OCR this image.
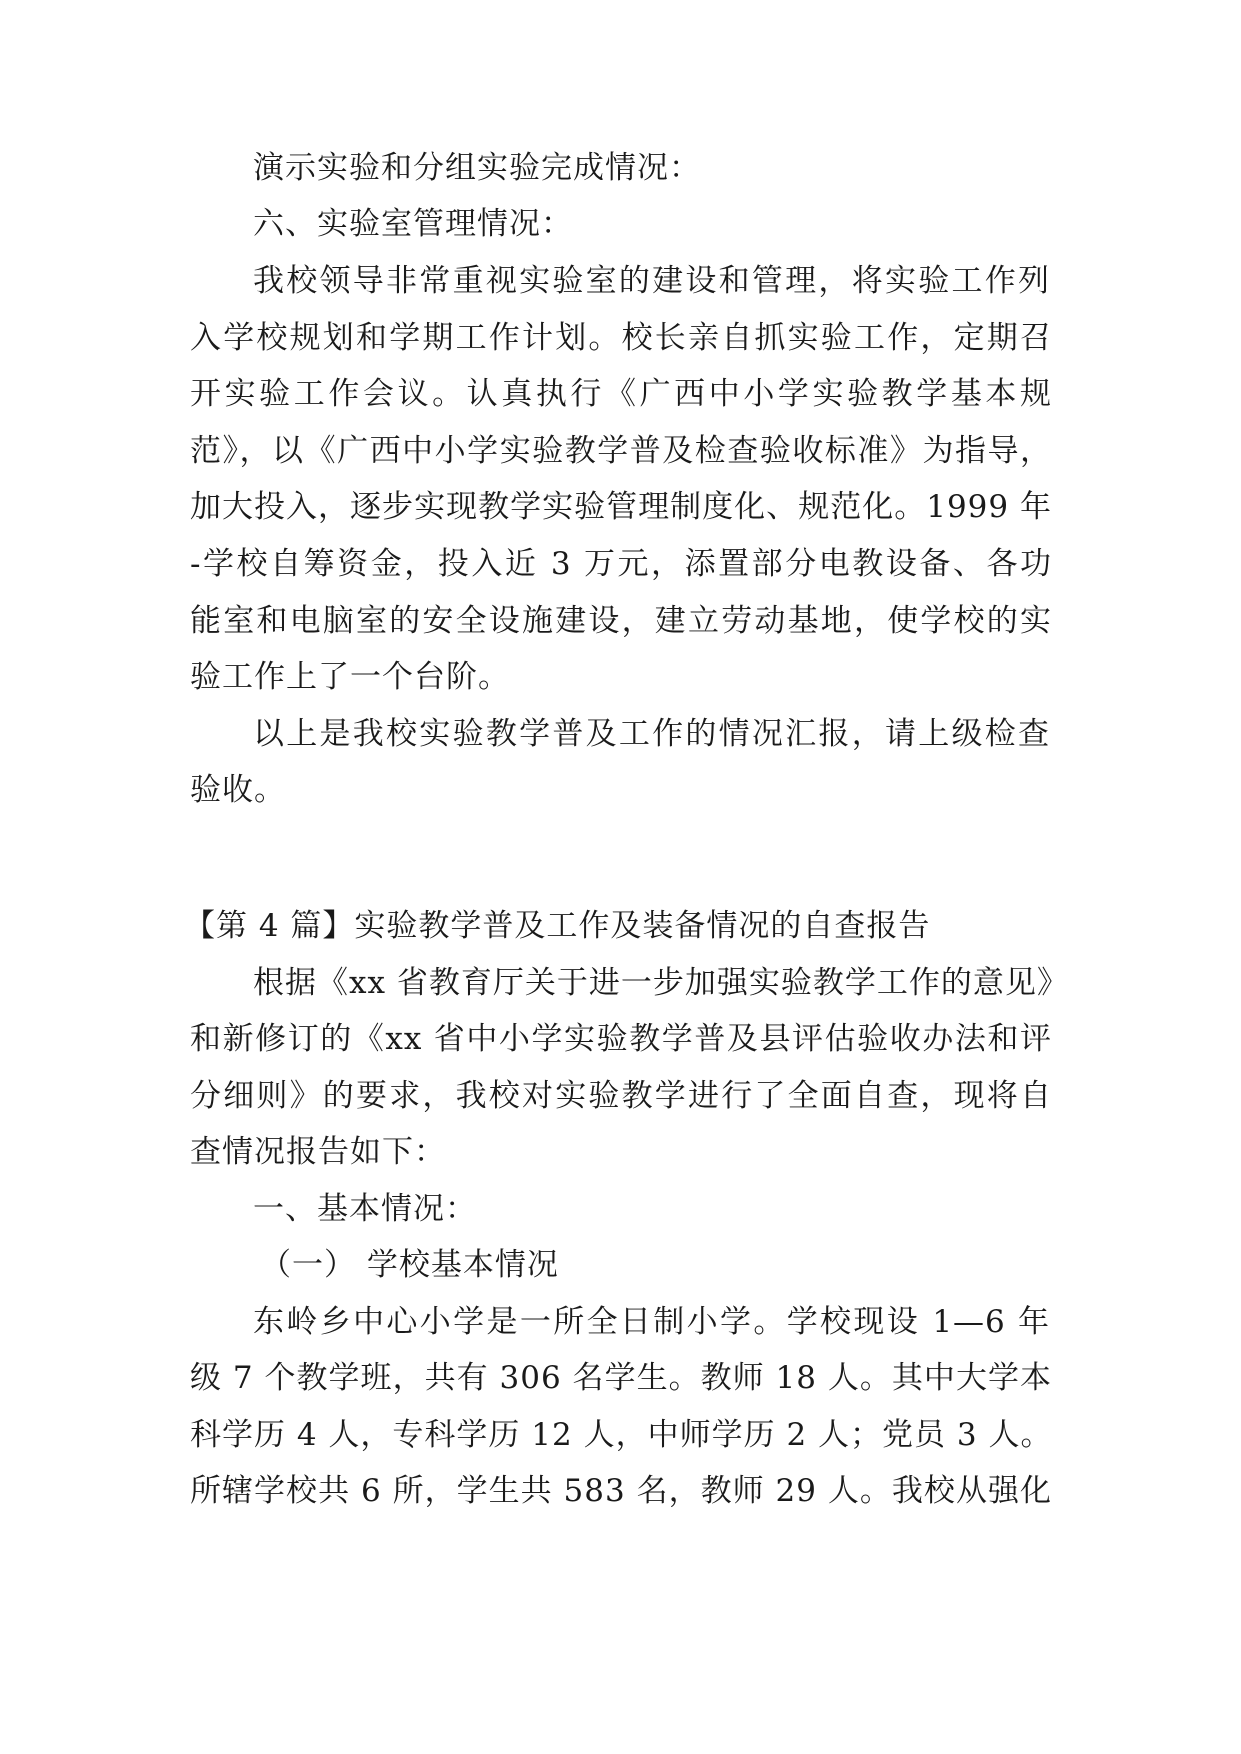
演示实验和分组实验完成情况：
六、实验室管理情况：
我校领导非常重视实验室的建设和管理，将实验工作列
入学校规划和学期工作计划。校长亲自抓实验工作，定期召
开实验工作会议。认真执行《广西中小学实验教学基本规
范》，以《广西中小学实验教学普及检查验收标准》为指导，
加大投入，逐步实现教学实验管理制度化、规范化。1999 年
-学校自筹资金，投入近 3 万元，添置部分电教设备、各功
能室和电脑室的安全设施建设，建立劳动基地，使学校的实
验工作上了一个台阶。
以上是我校实验教学普及工作的情况汇报，请上级检查
验收。
【第 4 篇】实验教学普及工作及装备情况的自查报告
根据《xx 省教育厅关于进一步加强实验教学工作的意见》
和新修订的《xx 省中小学实验教学普及县评估验收办法和评
分细则》的要求，我校对实验教学进行了全面自查，现将自
查情况报告如下：
一、基本情况：
（一） 学校基本情况
东岭乡中心小学是一所全日制小学。学校现设 1—6 年
级 7 个教学班，共有 306 名学生。教师 18 人。其中大学本
科学历 4 人，专科学历 12 人，中师学历 2 人；党员 3 人。
所辖学校共 6 所，学生共 583 名，教师 29 人。我校从强化
